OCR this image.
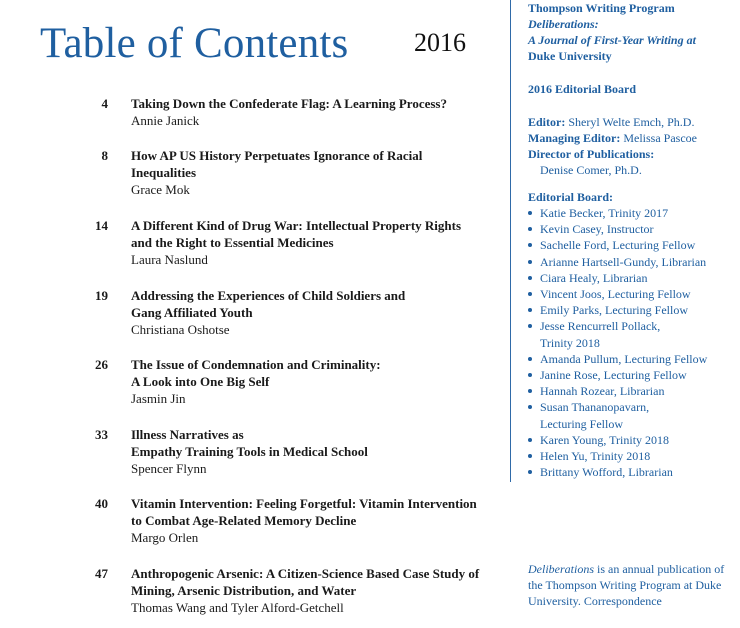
Table of Contents	2016
4 Taking Down the Confederate Flag: A Learning Process?
Annie Janick
8 How AP US History Perpetuates Ignorance of Racial
Inequalities
Grace Mok
14 A Different Kind of Drug War: Intellectual Property Rights
and the Right to Essential Medicines
Laura Naslund
19 Addressing the Experiences of Child Soldiers and
Gang Affiliated Youth
Christiana Oshotse
26 The Issue of Condemnation and Criminality:
A Look into One Big Self
Jasmin Jin
33 Illness Narratives as
Empathy Training Tools in Medical School
Spencer Flynn
40 Vitamin Intervention: Feeling Forgetful: Vitamin Intervention
to Combat Age-Related Memory Decline
Margo Orlen
47 Anthropogenic Arsenic: A Citizen-Science Based Case Study of
Mining, Arsenic Distribution, and Water
Thomas Wang and Tyler Alford-Getchell
Thompson Writing Program
Deliberations:
A Journal of First-Year Writing at
Duke University
2016 Editorial Board
Editor: Sheryl Welte Emch, Ph.D.
Managing Editor: Melissa Pascoe
Director of Publications:
Denise Comer, Ph.D.
Editorial Board:
Katie Becker, Trinity 2017
Kevin Casey, Instructor
Sachelle Ford, Lecturing Fellow
Arianne Hartsell-Gundy, Librarian
Ciara Healy, Librarian
Vincent Joos, Lecturing Fellow
Emily Parks, Lecturing Fellow
Jesse Rencurrell Pollack,
Trinity 2018
Amanda Pullum, Lecturing Fellow
Janine Rose, Lecturing Fellow
Hannah Rozear, Librarian
Susan Thananopavarn,
Lecturing Fellow
Karen Young, Trinity 2018
Helen Yu, Trinity 2018
Brittany Wofford, Librarian
Deliberations is an annual publication of the Thompson Writing Program at Duke University. Correspondence
